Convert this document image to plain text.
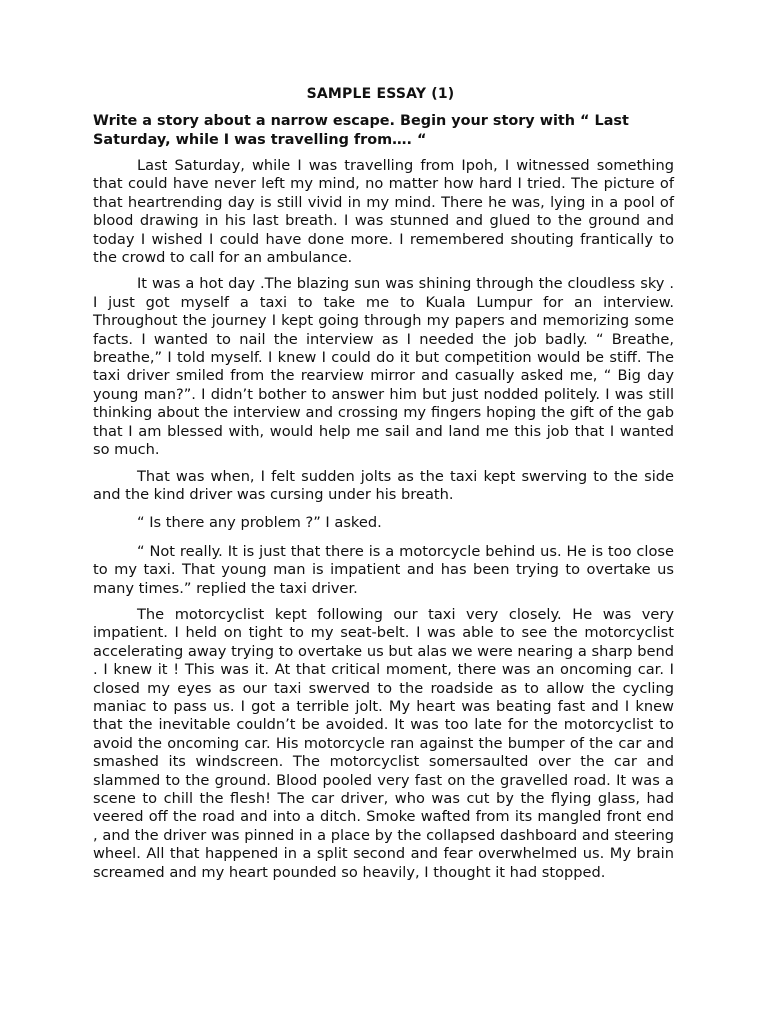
SAMPLE ESSAY (1)
Write a story about a narrow escape. Begin your story with “ Last Saturday, while I was travelling from…. “

Last Saturday, while I was travelling from Ipoh, I witnessed something that could have never left my mind, no matter how hard I tried. The picture of that heartrending day is still vivid in my mind. There he was, lying in a pool of blood drawing in his last breath. I was stunned and glued to the ground and today I wished I could have done more. I remembered shouting frantically to the crowd to call for an ambulance.

It was a hot day .The blazing sun was shining through the cloudless sky . I just got myself a taxi to take me to Kuala Lumpur for an interview. Throughout the journey I kept going through my papers and memorizing some facts. I wanted to nail the interview as I needed the job badly. “ Breathe, breathe,” I told myself. I knew I could do it but competition would be stiff. The taxi driver smiled from the rearview mirror and casually asked me, “ Big day young man?”. I didn’t bother to answer him but just nodded politely. I was still thinking about the interview and crossing my fingers hoping the gift of the gab that I am blessed with, would help me sail and land me this job that I wanted so much.

That was when, I felt sudden jolts as the taxi kept swerving to the side and the kind driver was cursing under his breath.

“ Is there any problem ?” I asked.

“ Not really. It is just that there is a motorcycle behind us. He is too close to my taxi. That young man is impatient and has been trying to overtake us many times.” replied the taxi driver.

The motorcyclist kept following our taxi very closely. He was very impatient. I held on tight to my seat-belt. I was able to see the motorcyclist accelerating away trying to overtake us but alas we were nearing a sharp bend . I knew it ! This was it. At that critical moment, there was an oncoming car. I closed my eyes as our taxi swerved to the roadside as to allow the cycling maniac to pass us. I got a terrible jolt. My heart was beating fast and I knew that the inevitable couldn’t be avoided. It was too late for the motorcyclist to avoid the oncoming car. His motorcycle ran against the bumper of the car and smashed its windscreen. The motorcyclist somersaulted over the car and slammed to the ground. Blood pooled very fast on the gravelled road. It was a scene to chill the flesh! The car driver, who was cut by the flying glass, had veered off the road and into a ditch. Smoke wafted from its mangled front end , and the driver was pinned in a place by the collapsed dashboard and steering wheel. All that happened in a split second and fear overwhelmed us. My brain screamed and my heart pounded so heavily, I thought it had stopped.
